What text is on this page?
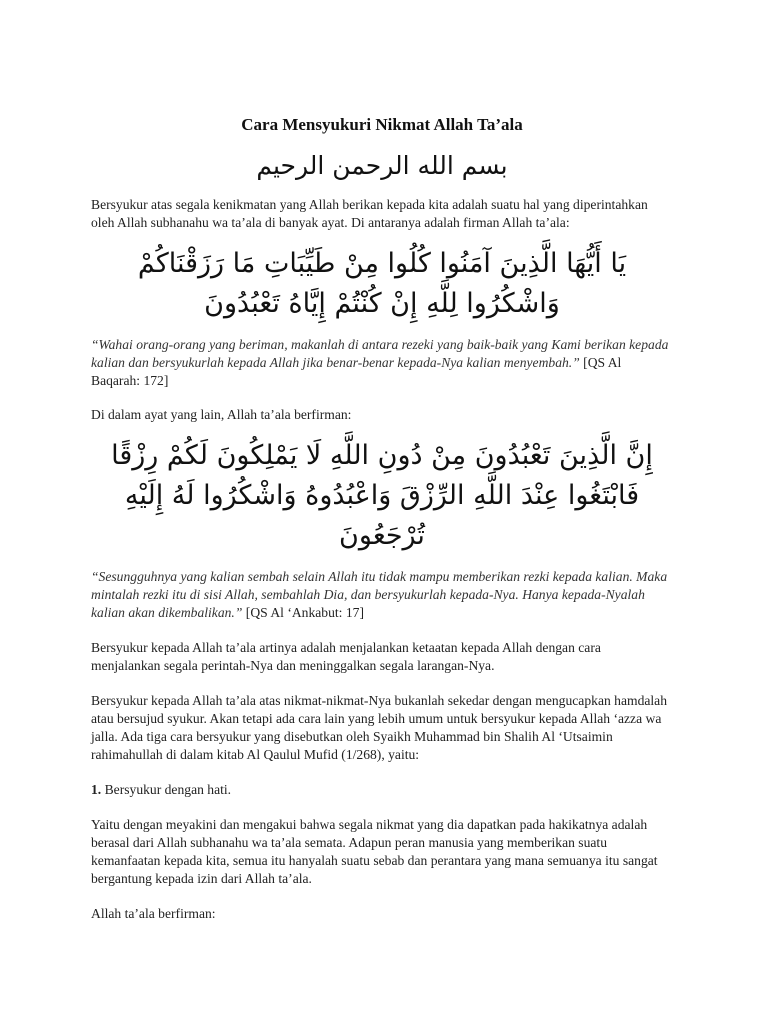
Cara Mensyukuri Nikmat Allah Ta’ala

بسم الله الرحمن الرحيم

Bersyukur atas segala kenikmatan yang Allah berikan kepada kita adalah suatu hal yang diperintahkan oleh Allah subhanahu wa ta’ala di banyak ayat. Di antaranya adalah firman Allah ta’ala:

يَا أَيُّهَا الَّذِينَ آمَنُوا كُلُوا مِنْ طَيِّبَاتِ مَا رَزَقْنَاكُمْ وَاشْكُرُوا لِلَّهِ إِنْ كُنْتُمْ إِيَّاهُ تَعْبُدُونَ

“Wahai orang-orang yang beriman, makanlah di antara rezeki yang baik-baik yang Kami berikan kepada kalian dan bersyukurlah kepada Allah jika benar-benar kepada-Nya kalian menyembah.” [QS Al Baqarah: 172]

Di dalam ayat yang lain, Allah ta’ala berfirman:

إِنَّ الَّذِينَ تَعْبُدُونَ مِنْ دُونِ اللَّهِ لَا يَمْلِكُونَ لَكُمْ رِزْقًا فَابْتَغُوا عِنْدَ اللَّهِ الرِّزْقَ وَاعْبُدُوهُ وَاشْكُرُوا لَهُ إِلَيْهِ تُرْجَعُونَ

“Sesungguhnya yang kalian sembah selain Allah itu tidak mampu memberikan rezki kepada kalian. Maka mintalah rezki itu di sisi Allah, sembahlah Dia, dan bersyukurlah kepada-Nya. Hanya kepada-Nyalah kalian akan dikembalikan.” [QS Al ‘Ankabut: 17]

Bersyukur kepada Allah ta’ala artinya adalah menjalankan ketaatan kepada Allah dengan cara menjalankan segala perintah-Nya dan meninggalkan segala larangan-Nya.

Bersyukur kepada Allah ta’ala atas nikmat-nikmat-Nya bukanlah sekedar dengan mengucapkan hamdalah atau bersujud syukur. Akan tetapi ada cara lain yang lebih umum untuk bersyukur kepada Allah ‘azza wa jalla. Ada tiga cara bersyukur yang disebutkan oleh Syaikh Muhammad bin Shalih Al ‘Utsaimin rahimahullah di dalam kitab Al Qaulul Mufid (1/268), yaitu:

1. Bersyukur dengan hati.

Yaitu dengan meyakini dan mengakui bahwa segala nikmat yang dia dapatkan pada hakikatnya adalah berasal dari Allah subhanahu wa ta’ala semata. Adapun peran manusia yang memberikan suatu kemanfaatan kepada kita, semua itu hanyalah suatu sebab dan perantara yang mana semuanya itu sangat bergantung kepada izin dari Allah ta’ala.

Allah ta’ala berfirman:
